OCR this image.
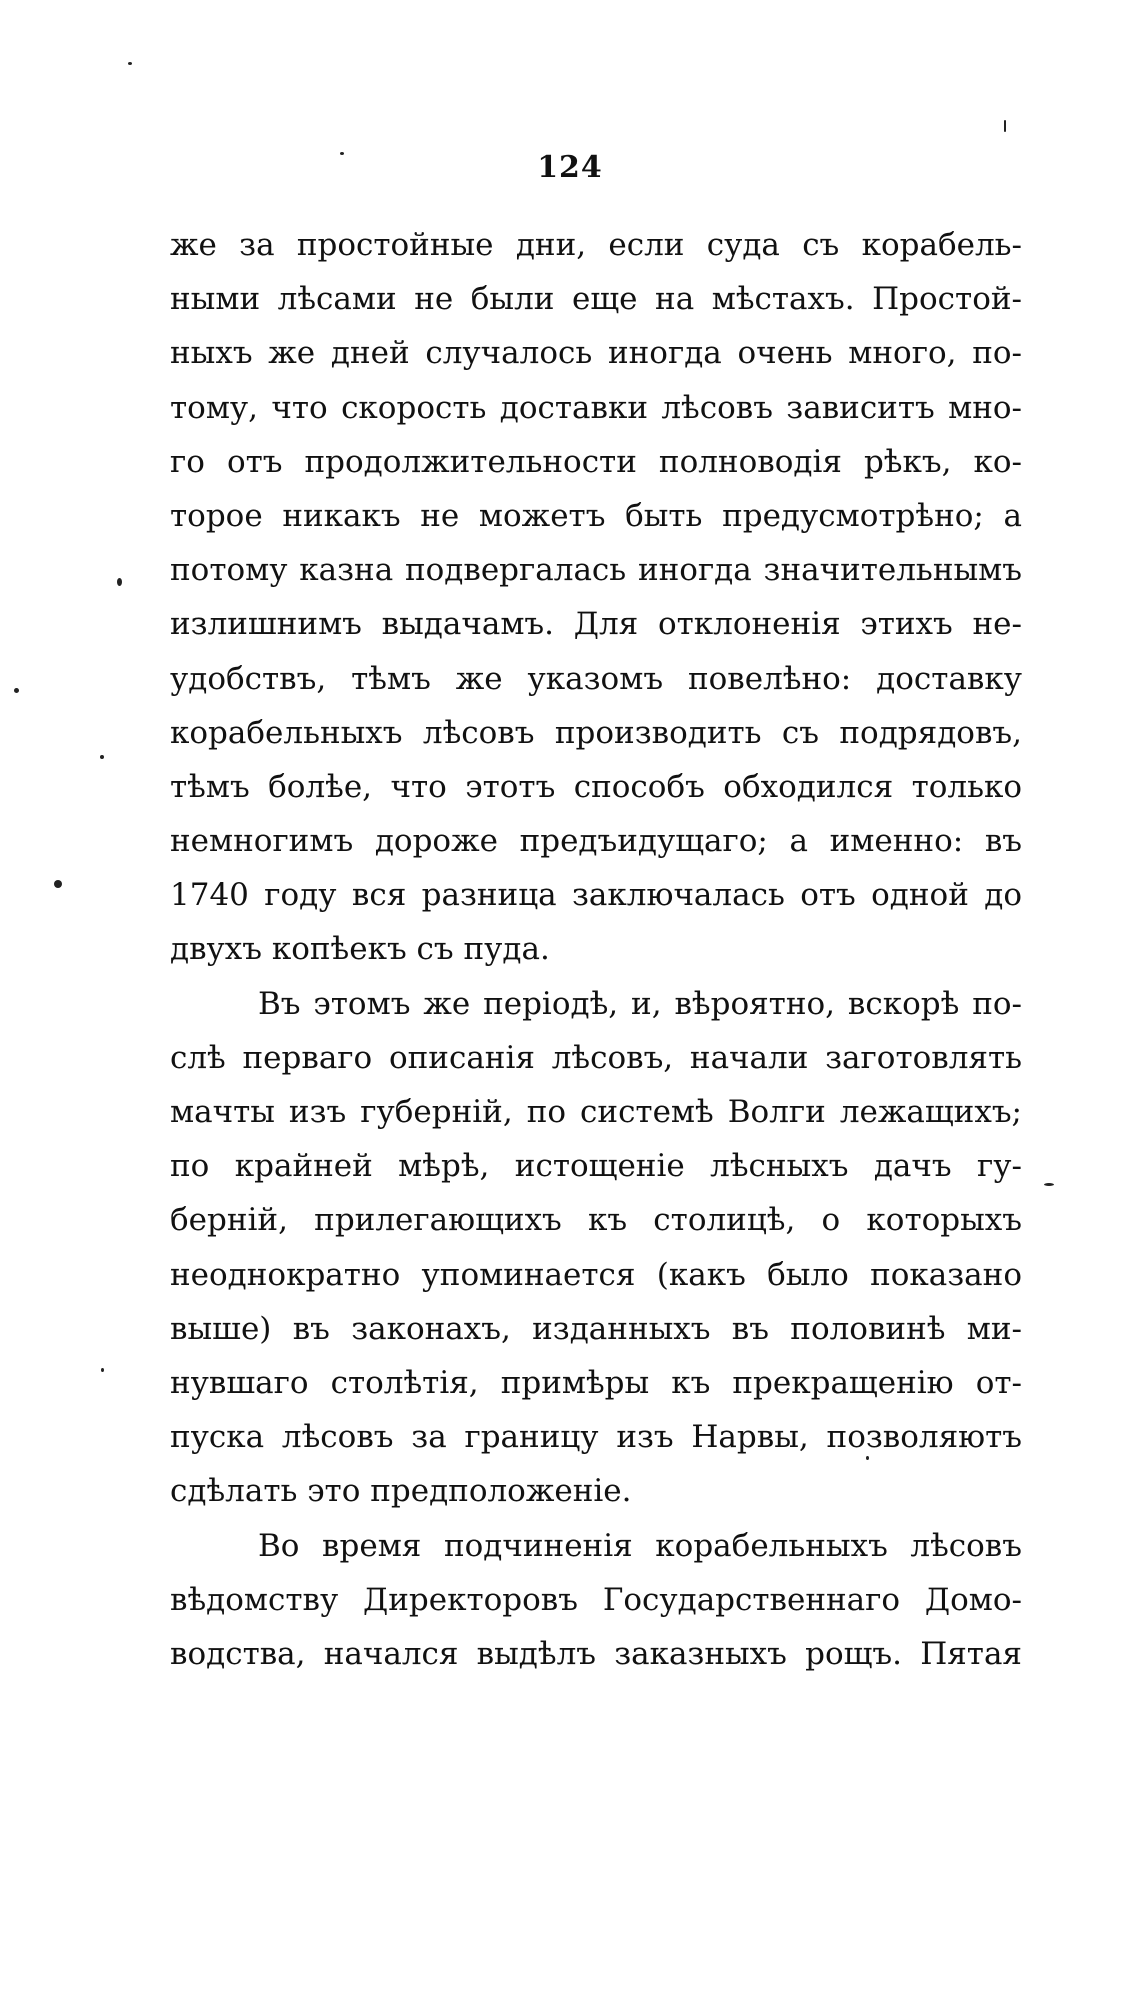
124
же за простойные дни, если суда съ корабель-
ными лѣсами не были еще на мѣстахъ. Простой-
ныхъ же дней случалось иногда очень много, по-
тому, что скорость доставки лѣсовъ зависитъ мно-
го отъ продолжительности полноводія рѣкъ, ко-
торое никакъ не можетъ быть предусмотрѣно; а
потому казна подвергалась иногда значительнымъ
излишнимъ выдачамъ. Для отклоненія этихъ не-
удобствъ, тѣмъ же указомъ повелѣно: доставку
корабельныхъ лѣсовъ производить съ подрядовъ,
тѣмъ болѣе, что этотъ способъ обходился только
немногимъ дороже предъидущаго; а именно: въ
1740 году вся разница заключалась отъ одной до
двухъ копѣекъ съ пуда.
Въ этомъ же періодѣ, и, вѣроятно, вскорѣ по-
слѣ перваго описанія лѣсовъ, начали заготовлять
мачты изъ губерній, по системѣ Волги лежащихъ;
по крайней мѣрѣ, истощеніе лѣсныхъ дачъ гу-
берній, прилегающихъ къ столицѣ, о которыхъ
неоднократно упоминается (какъ было показано
выше) въ законахъ, изданныхъ въ половинѣ ми-
нувшаго столѣтія, примѣры къ прекращенію от-
пуска лѣсовъ за границу изъ Нарвы, позволяютъ
сдѣлать это предположеніе.
Во время подчиненія корабельныхъ лѣсовъ
вѣдомству Директоровъ Государственнаго Домо-
водства, начался выдѣлъ заказныхъ рощъ. Пятая
